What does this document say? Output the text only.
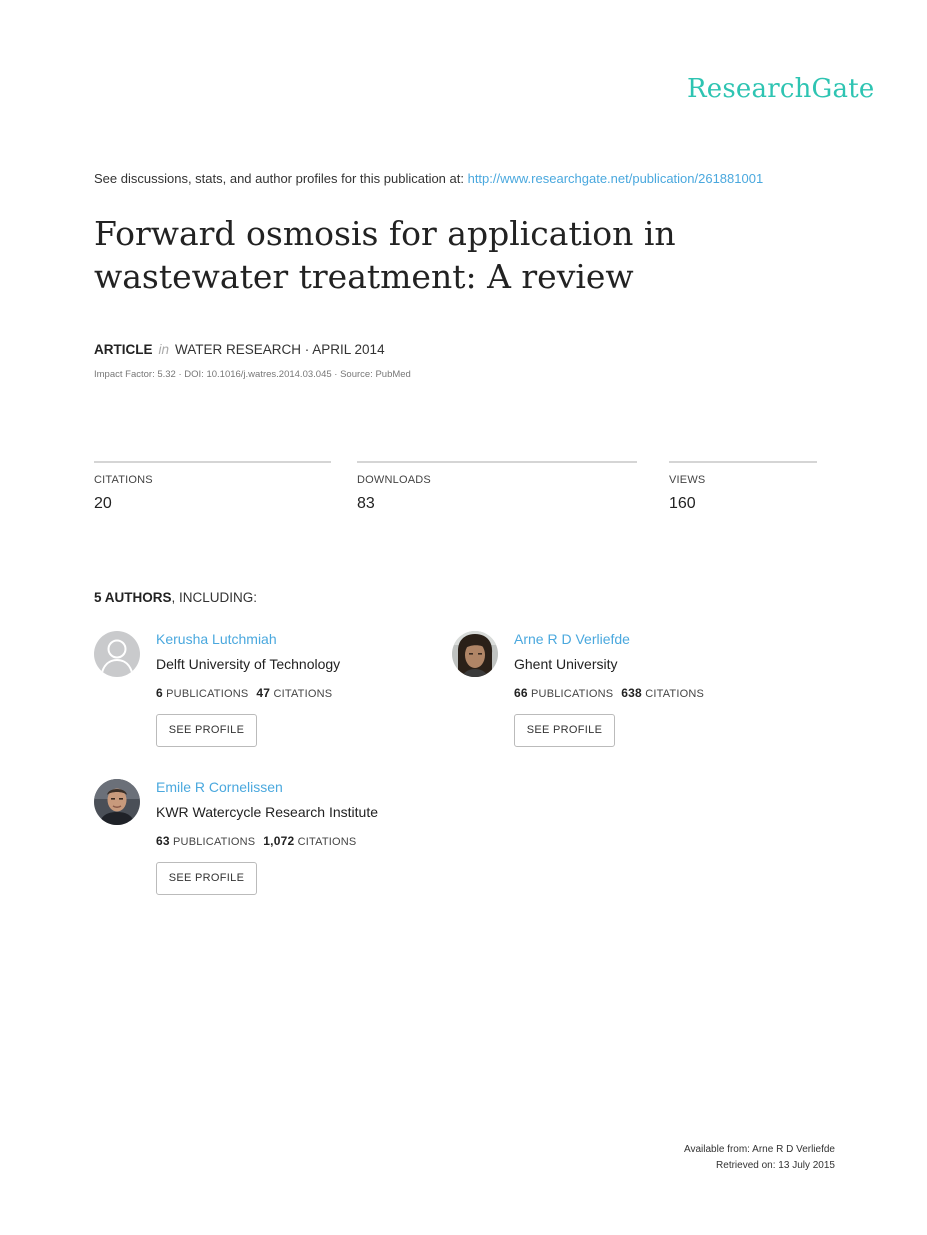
ResearchGate
See discussions, stats, and author profiles for this publication at: http://www.researchgate.net/publication/261881001
Forward osmosis for application in wastewater treatment: A review
ARTICLE in WATER RESEARCH · APRIL 2014
Impact Factor: 5.32 · DOI: 10.1016/j.watres.2014.03.045 · Source: PubMed
CITATIONS
20
DOWNLOADS
83
VIEWS
160
5 AUTHORS, INCLUDING:
Kerusha Lutchmiah
Delft University of Technology
6 PUBLICATIONS 47 CITATIONS
SEE PROFILE
Arne R D Verliefde
Ghent University
66 PUBLICATIONS 638 CITATIONS
SEE PROFILE
Emile R Cornelissen
KWR Watercycle Research Institute
63 PUBLICATIONS 1,072 CITATIONS
SEE PROFILE
Available from: Arne R D Verliefde
Retrieved on: 13 July 2015
